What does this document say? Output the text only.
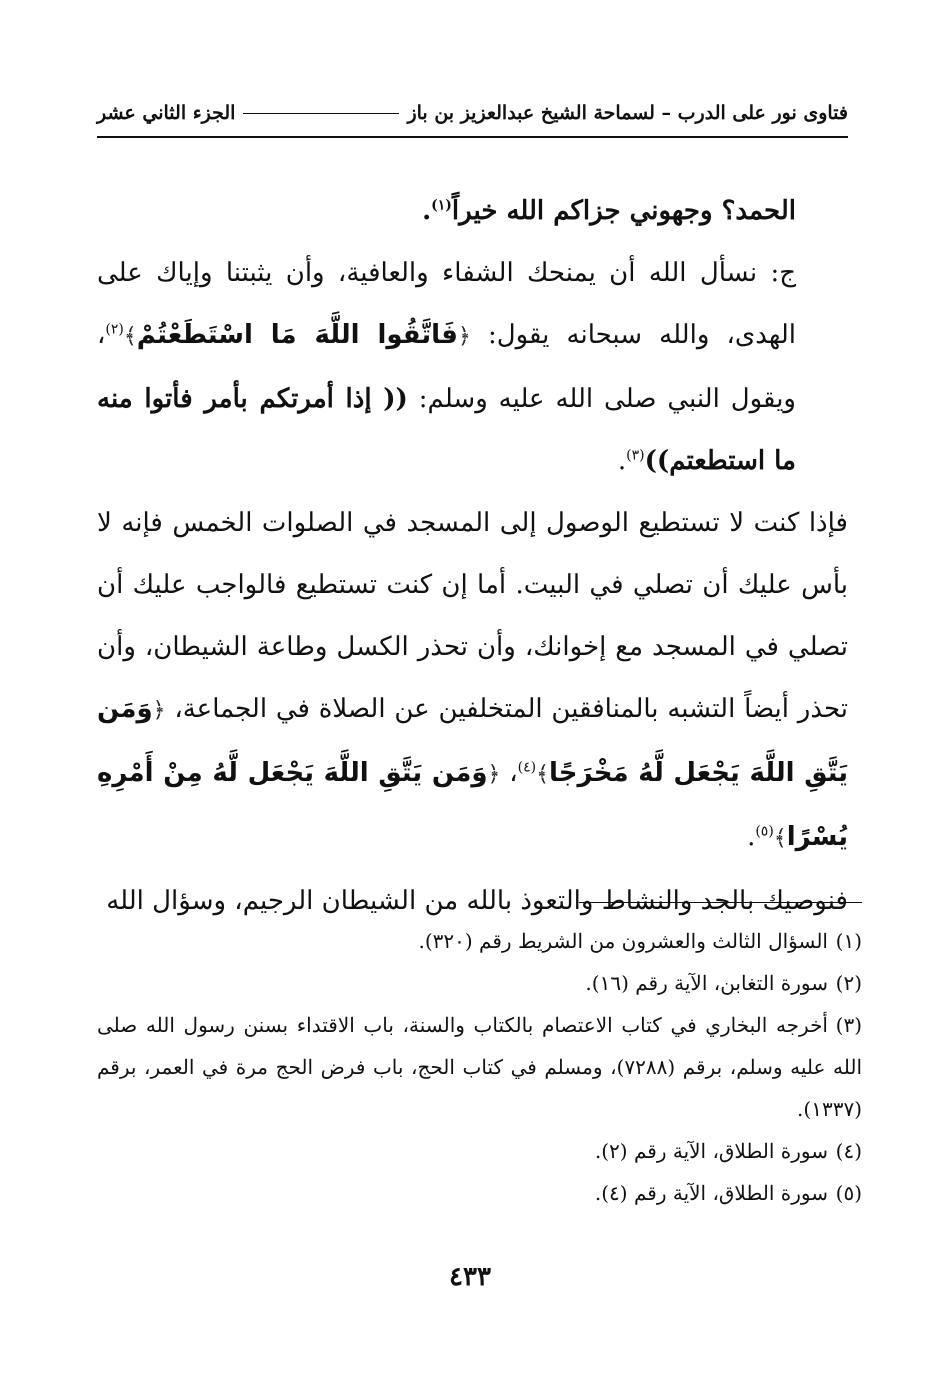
فتاوى نور على الدرب – لسماحة الشيخ عبدالعزيز بن باز
الجزء الثاني عشر

الحمد؟ وجهوني جزاكم الله خيراً$^{(١)}$.

ج: نسأل الله أن يمنحك الشفاء والعافية، وأن يثبتنا وإياك على الهدى، والله سبحانه يقول: ﴿فَاتَّقُوا اللَّهَ مَا اسْتَطَعْتُمْ﴾$^{(٢)}$، ويقول النبي صلى الله عليه وسلم: (( إذا أمرتكم بأمر فأتوا منه ما استطعتم))$^{(٣)}$.

فإذا كنت لا تستطيع الوصول إلى المسجد في الصلوات الخمس فإنه لا بأس عليك أن تصلي في البيت. أما إن كنت تستطيع فالواجب عليك أن تصلي في المسجد مع إخوانك، وأن تحذر الكسل وطاعة الشيطان، وأن تحذر أيضاً التشبه بالمنافقين المتخلفين عن الصلاة في الجماعة، ﴿وَمَن يَتَّقِ اللَّهَ يَجْعَل لَّهُ مَخْرَجًا﴾$^{(٤)}$، ﴿وَمَن يَتَّقِ اللَّهَ يَجْعَل لَّهُ مِنْ أَمْرِهِ يُسْرًا﴾$^{(٥)}$.

فنوصيك بالجد والنشاط والتعوذ بالله من الشيطان الرجيم، وسؤال الله

(١)السؤال الثالث والعشرون من الشريط رقم (٣٢٠).

(٢)سورة التغابن، الآية رقم (١٦).

(٣)أخرجه البخاري في كتاب الاعتصام بالكتاب والسنة، باب الاقتداء بسنن رسول الله صلى الله عليه وسلم، برقم (٧٢٨٨)، ومسلم في كتاب الحج، باب فرض الحج مرة في العمر، برقم (١٣٣٧).

(٤)سورة الطلاق، الآية رقم (٢).

(٥)سورة الطلاق، الآية رقم (٤).

٤٣٣
